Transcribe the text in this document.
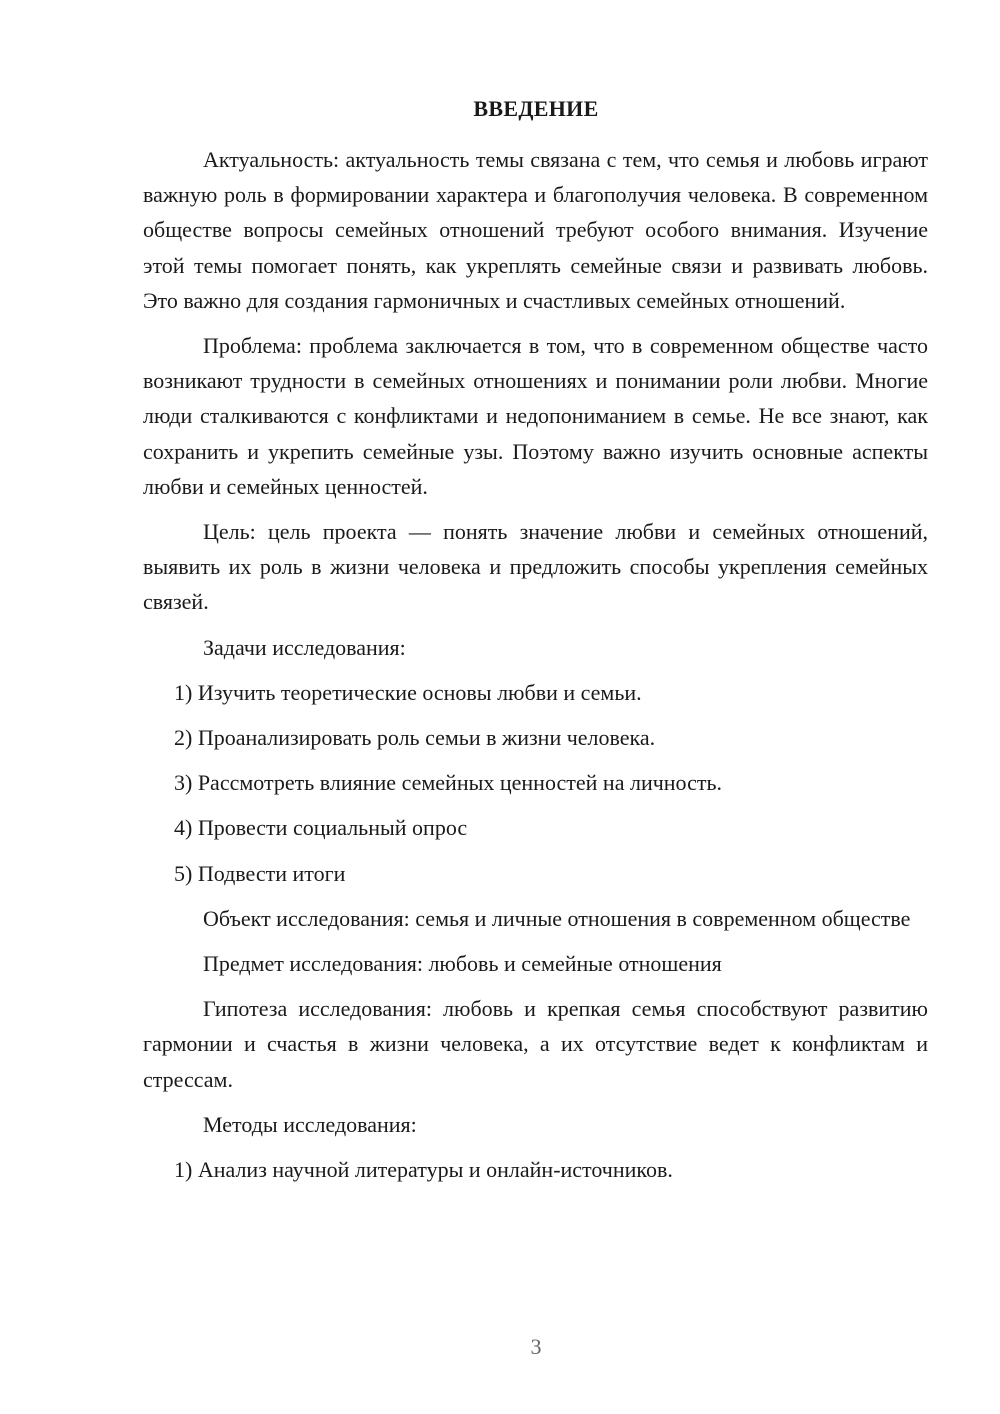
ВВЕДЕНИЕ

Актуальность: актуальность темы связана с тем, что семья и любовь играют важную роль в формировании характера и благополучия человека. В современном обществе вопросы семейных отношений требуют особого внимания. Изучение этой темы помогает понять, как укреплять семейные связи и развивать любовь. Это важно для создания гармоничных и счастливых семейных отношений.

Проблема: проблема заключается в том, что в современном обществе часто возникают трудности в семейных отношениях и понимании роли любви. Многие люди сталкиваются с конфликтами и недопониманием в семье. Не все знают, как сохранить и укрепить семейные узы. Поэтому важно изучить основные аспекты любви и семейных ценностей.

Цель: цель проекта — понять значение любви и семейных отношений, выявить их роль в жизни человека и предложить способы укрепления семейных связей.

Задачи исследования:

1) Изучить теоретические основы любви и семьи.

2) Проанализировать роль семьи в жизни человека.

3) Рассмотреть влияние семейных ценностей на личность.

4) Провести социальный опрос

5) Подвести итоги

Объект исследования: семья и личные отношения в современном обществе

Предмет исследования: любовь и семейные отношения

Гипотеза исследования: любовь и крепкая семья способствуют развитию гармонии и счастья в жизни человека, а их отсутствие ведет к конфликтам и стрессам.

Методы исследования:

1) Анализ научной литературы и онлайн-источников.

3
